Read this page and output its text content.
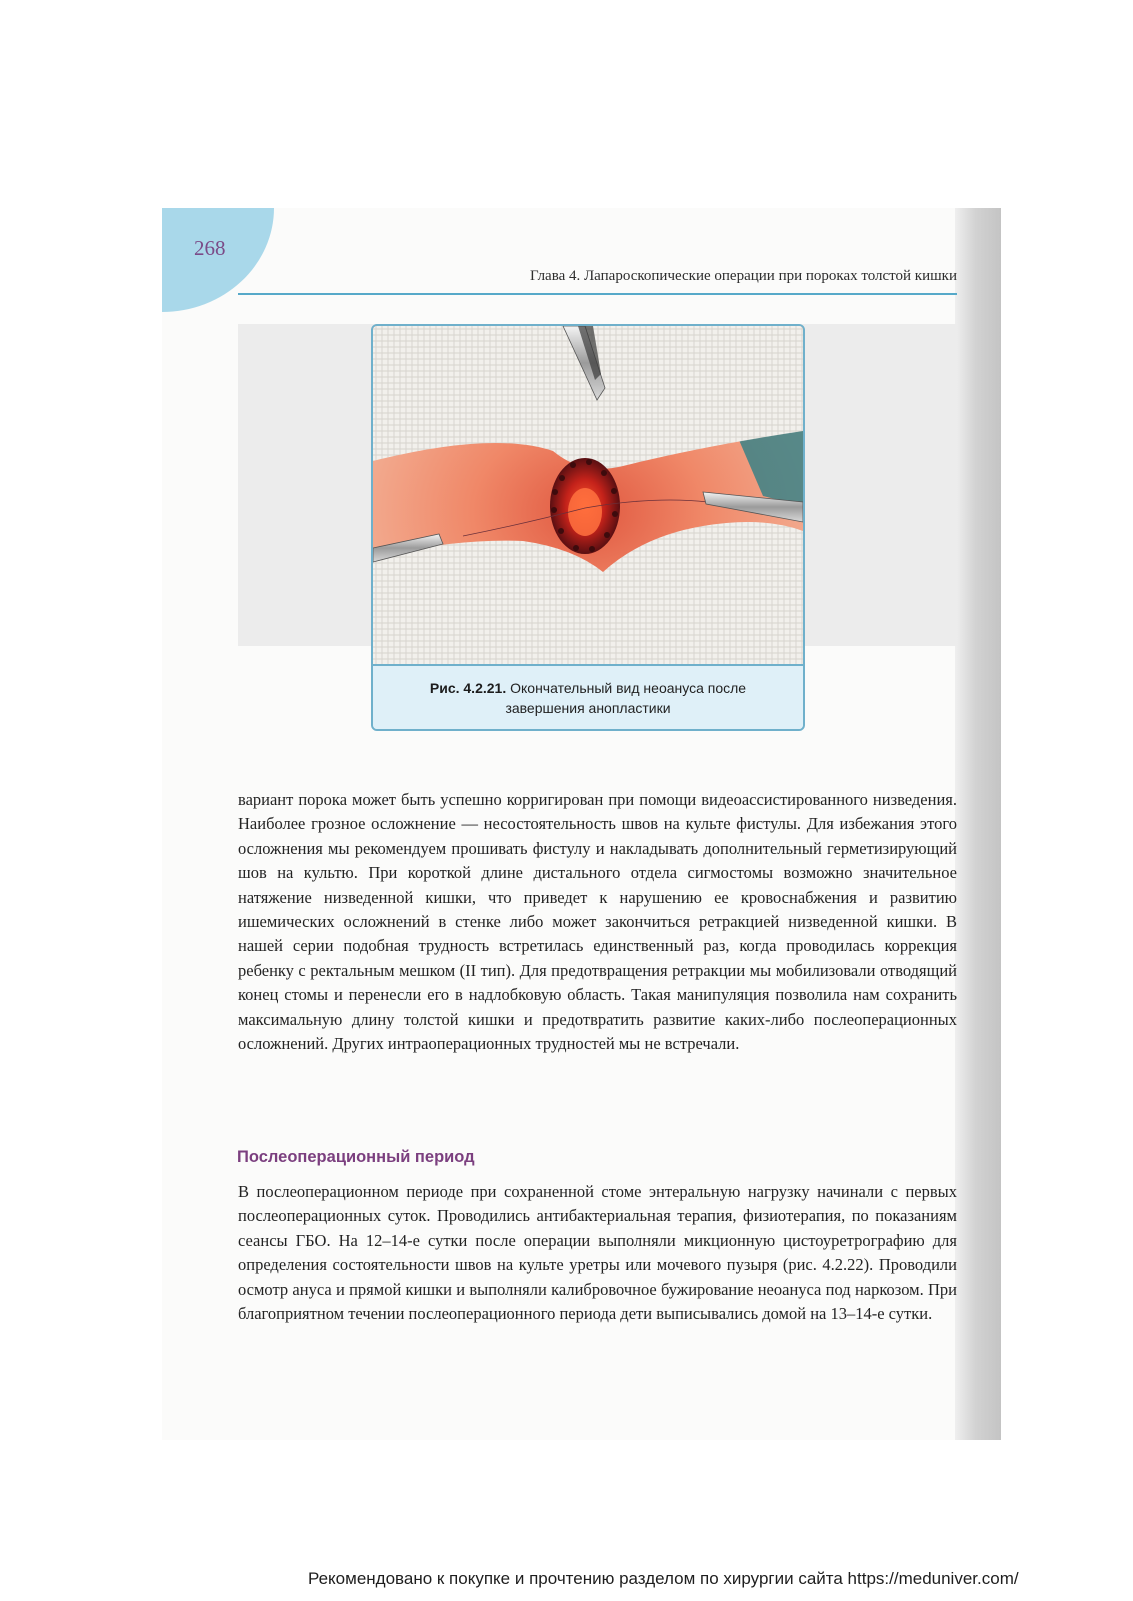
268
Глава 4. Лапароскопические операции при пороках толстой кишки
Рис. 4.2.21. Окончательный вид неоануса после завершения анопластики
вариант порока может быть успешно корригирован при помощи видеоассистированного низведения. Наиболее грозное осложнение — несостоятельность швов на культе фистулы. Для избежания этого осложнения мы рекомендуем прошивать фистулу и накладывать дополнительный герметизирующий шов на культю. При короткой длине дистального отдела сигмостомы возможно значительное натяжение низведенной кишки, что приведет к нарушению ее кровоснабжения и развитию ишемических осложнений в стенке либо может закончиться ретракцией низведенной кишки. В нашей серии подобная трудность встретилась единственный раз, когда проводилась коррекция ребенку с ректальным мешком (II тип). Для предотвращения ретракции мы мобилизовали отводящий конец стомы и перенесли его в надлобковую область. Такая манипуляция позволила нам сохранить максимальную длину толстой кишки и предотвратить развитие каких-либо послеоперационных осложнений. Других интраоперационных трудностей мы не встречали.
Послеоперационный период
В послеоперационном периоде при сохраненной стоме энтеральную нагрузку начинали с первых послеоперационных суток. Проводились антибактериальная терапия, физиотерапия, по показаниям сеансы ГБО. На 12–14-е сутки после операции выполняли микционную цистоуретрографию для определения состоятельности швов на культе уретры или мочевого пузыря (рис. 4.2.22). Проводили осмотр ануса и прямой кишки и выполняли калибровочное бужирование неоануса под наркозом. При благоприятном течении послеоперационного периода дети выписывались домой на 13–14-е сутки.
Рекомендовано к покупке и прочтению разделом по хирургии сайта https://meduniver.com/
